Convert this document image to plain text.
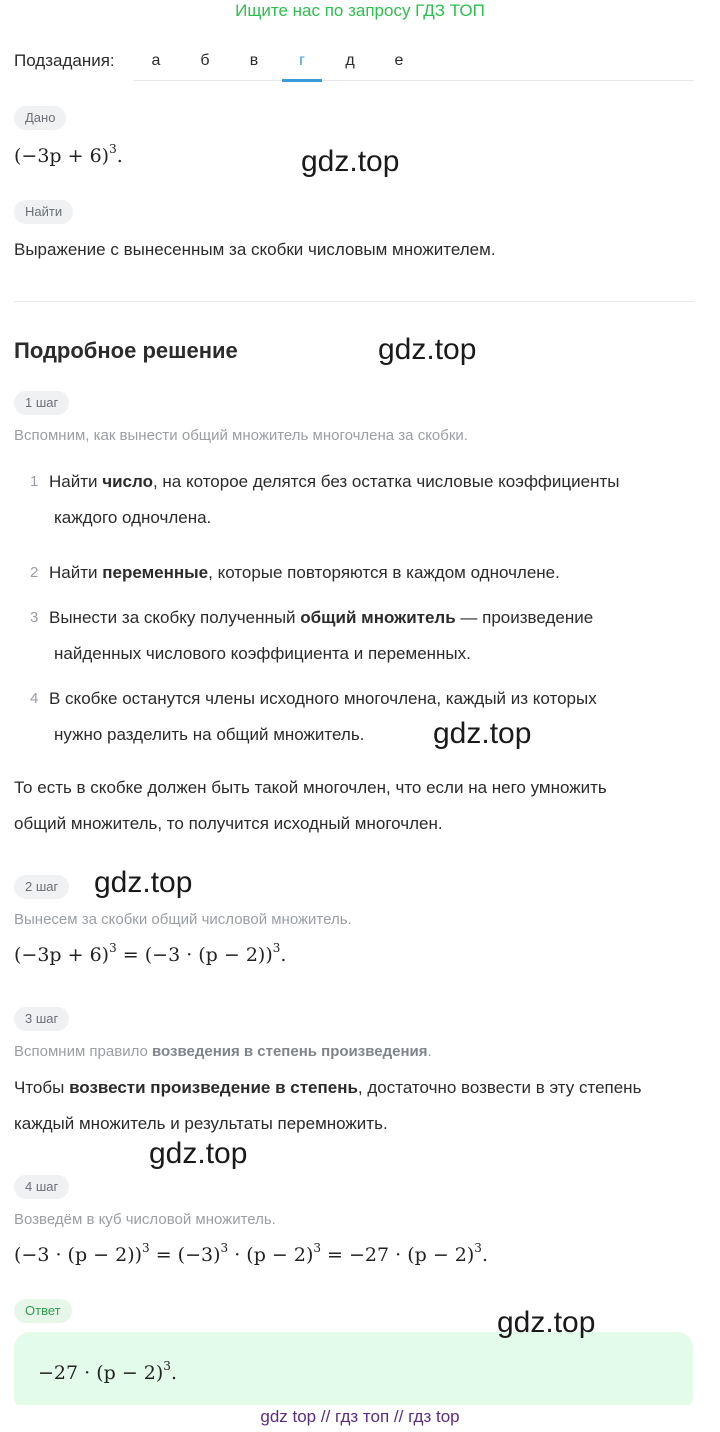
Ищите нас по запросу ГДЗ ТОП
Подзадания:	а	б	в	г	д	е
Дано
$(-3p + 6)^3$.	gdz.top
Найти
Выражение с вынесенным за скобки числовым множителем.
Подробное решение	gdz.top
1 шаг
Вспомним, как вынести общий множитель многочлена за скобки.
1 Найти число, на которое делятся без остатка числовые коэффициенты
каждого одночлена.
2 Найти переменные, которые повторяются в каждом одночлене.
3 Вынести за скобку полученный общий множитель — произведение
найденных числового коэффициента и переменных.
4 В скобке останутся члены исходного многочлена, каждый из которых
нужно разделить на общий множитель. gdz.top
То есть в скобке должен быть такой многочлен, что если на него умножить
общий множитель, то получится исходный многочлен.
2 шаг	gdz.top
Вынесем за скобки общий числовой множитель.
$(-3p + 6)^3 = (-3 \cdot (p - 2))^3$.
3 шаг
Вспомним правило возведения в степень произведения.
Чтобы возвести произведение в степень, достаточно возвести в эту степень
каждый множитель и результаты перемножить.
gdz.top
4 шаг
Возведём в куб числовой множитель.
$(-3 \cdot (p - 2))^3 = (-3)^3 \cdot (p - 2)^3 = -27 \cdot (p - 2)^3$.
Ответ
$-27 \cdot (p - 2)^3$.
gdz.top
gdz top // гдз топ // гдз top
